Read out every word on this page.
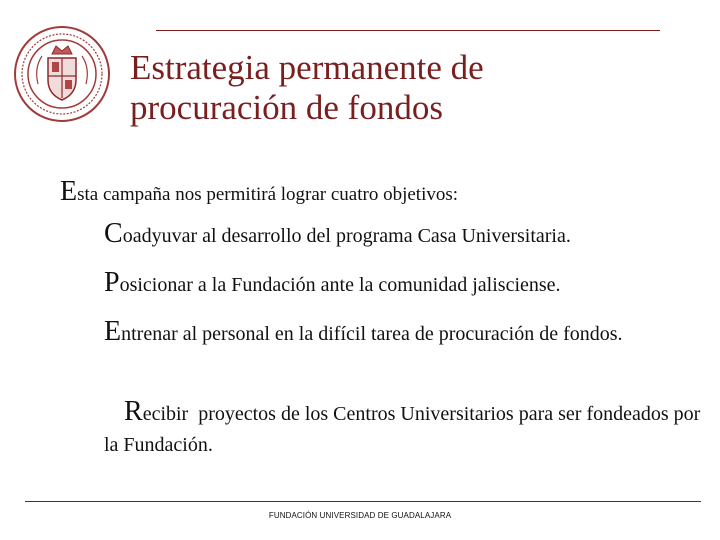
Estrategia permanente de
procuración de fondos
Esta campaña nos permitirá lograr cuatro objetivos:
Coadyuvar al desarrollo del programa Casa Universitaria.
Posicionar a la Fundación ante la comunidad jalisciense.
Entrenar al personal en la difícil tarea de procuración de fondos.

Recibir  proyectos de los Centros Universitarios para ser fondeados por la Fundación.

FUNDACIÓN UNIVERSIDAD DE GUADALAJARA
